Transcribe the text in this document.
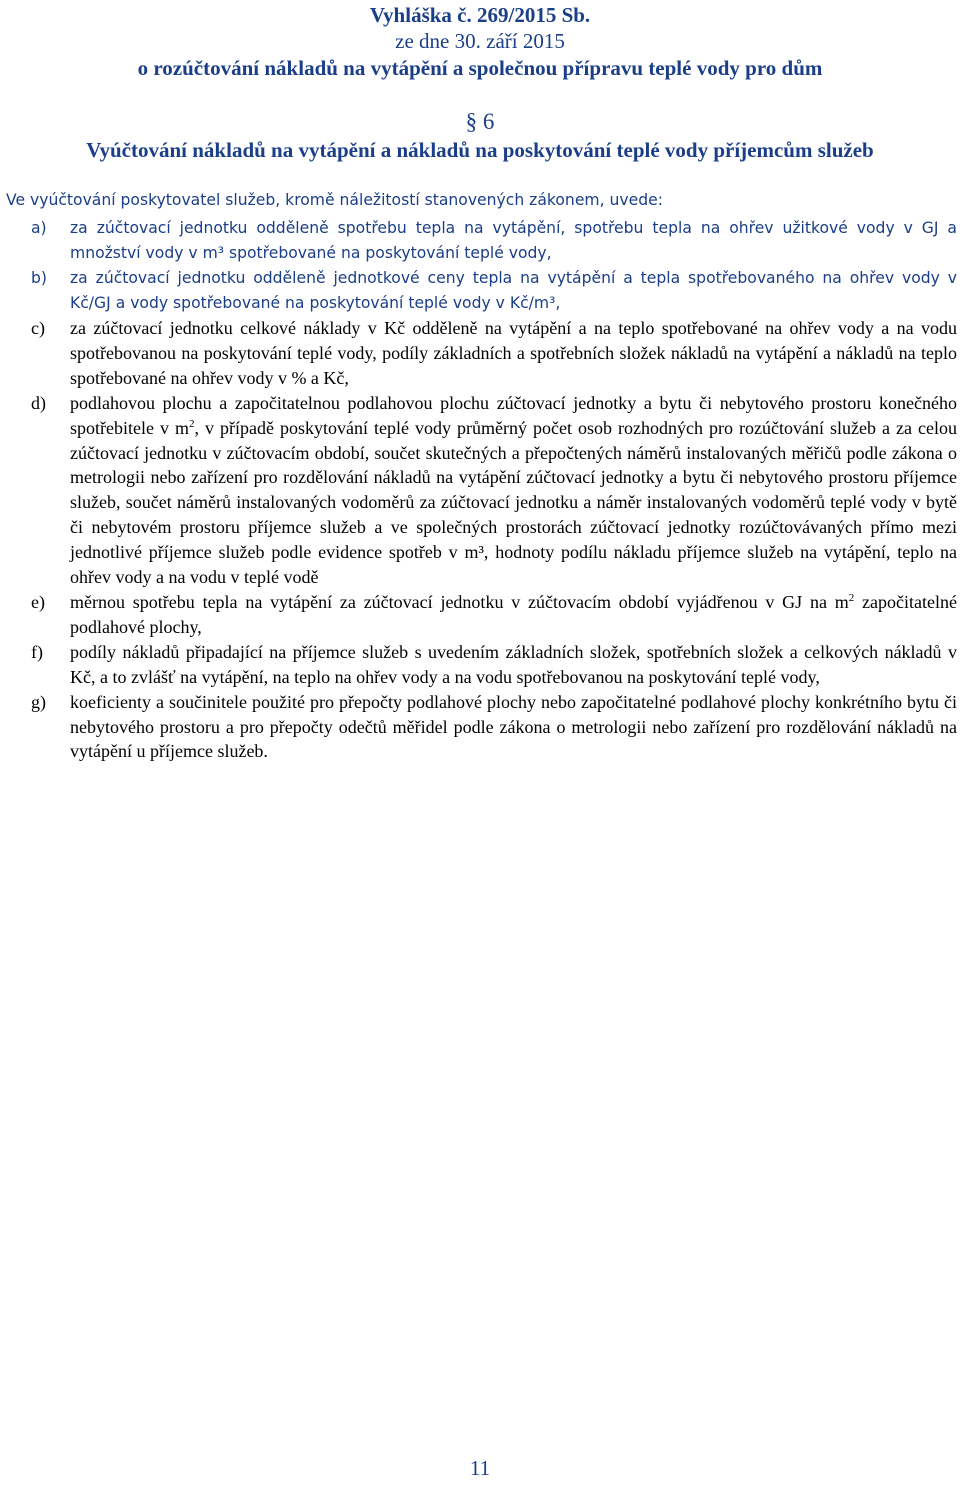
Vyhláška č. 269/2015 Sb.
ze dne 30. září 2015
o rozúčtování nákladů na vytápění a společnou přípravu teplé vody pro dům
§ 6
Vyúčtování nákladů na vytápění a nákladů na poskytování teplé vody příjemcům služeb
Ve vyúčtování poskytovatel služeb, kromě náležitostí stanovených zákonem, uvede:
a) za zúčtovací jednotku odděleně spotřebu tepla na vytápění, spotřebu tepla na ohřev užitkové vody v GJ a množství vody v m³ spotřebované na poskytování teplé vody,
b) za zúčtovací jednotku odděleně jednotkové ceny tepla na vytápění a tepla spotřebovaného na ohřev vody v Kč/GJ a vody spotřebované na poskytování teplé vody v Kč/m³,
c) za zúčtovací jednotku celkové náklady v Kč odděleně na vytápění a na teplo spotřebované na ohřev vody a na vodu spotřebovanou na poskytování teplé vody, podíly základních a spotřebních složek nákladů na vytápění a nákladů na teplo spotřebované na ohřev vody v % a Kč,
d) podlahovou plochu a započitatelnou podlahovou plochu zúčtovací jednotky a bytu či nebytového prostoru konečného spotřebitele v $m^2$, v případě poskytování teplé vody průměrný počet osob rozhodných pro rozúčtování služeb a za celou zúčtovací jednotku v zúčtovacím období, součet skutečných a přepočtených náměrů instalovaných měřičů podle zákona o metrologii nebo zařízení pro rozdělování nákladů na vytápění zúčtovací jednotky a bytu či nebytového prostoru příjemce služeb, součet náměrů instalovaných vodoměrů za zúčtovací jednotku a náměr instalovaných vodoměrů teplé vody v bytě či nebytovém prostoru příjemce služeb a ve společných prostorách zúčtovací jednotky rozúčtovávaných přímo mezi jednotlivé příjemce služeb podle evidence spotřeb v m³, hodnoty podílu nákladu příjemce služeb na vytápění, teplo na ohřev vody a na vodu v teplé vodě
e) měrnou spotřebu tepla na vytápění za zúčtovací jednotku v zúčtovacím období vyjádřenou v GJ na $m^2$ započitatelné podlahové plochy,
f) podíly nákladů připadající na příjemce služeb s uvedením základních složek, spotřebních složek a celkových nákladů v Kč, a to zvlášť na vytápění, na teplo na ohřev vody a na vodu spotřebovanou na poskytování teplé vody,
g) koeficienty a součinitele použité pro přepočty podlahové plochy nebo započitatelné podlahové plochy konkrétního bytu či nebytového prostoru a pro přepočty odečtů měřidel podle zákona o metrologii nebo zařízení pro rozdělování nákladů na vytápění u příjemce služeb.
11
